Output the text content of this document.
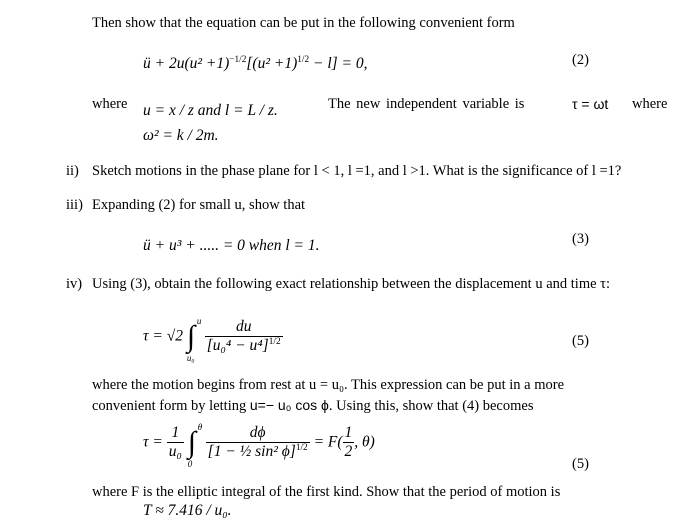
Then show that the equation can be put in the following convenient form
ü + $2u(u^2 +1)^{-1/2}[(u^2 +1)^{1/2} - l] = 0$,	(2)
where u = x / z and l = L / z.	The new independent variable is	τ = ωt where
ω² = k / 2m.
ii) Sketch motions in the phase plane for l < 1, l =1, and l >1. What is the significance of l =1?
iii) Expanding (2) for small u, show that
ü + u³ + ..... = 0 when l = 1.	(3)
iv) Using (3), obtain the following exact relationship between the displacement u and time τ:
τ = √2 ∫ u
u₀

$\frac{du}{[u_0^4 - u^4]^{1/2}}$	(5)
where the motion begins from rest at u = u₀. This expression can be put in a more
convenient form by letting u=− u₀ cos ϕ. Using this, show that (4) becomes
$\tau = \frac{1}{\text{u₀}}$ ∫ θ
0

$\frac{d\phi}{[1 - \frac{1}{2} \sin^2 \phi]^{1/2}} = F( \frac{1}{2}$ , θ)
(5)
where F is the elliptic integral of the first kind. Show that the period of motion is
T ≈ 7.416 / u₀.
